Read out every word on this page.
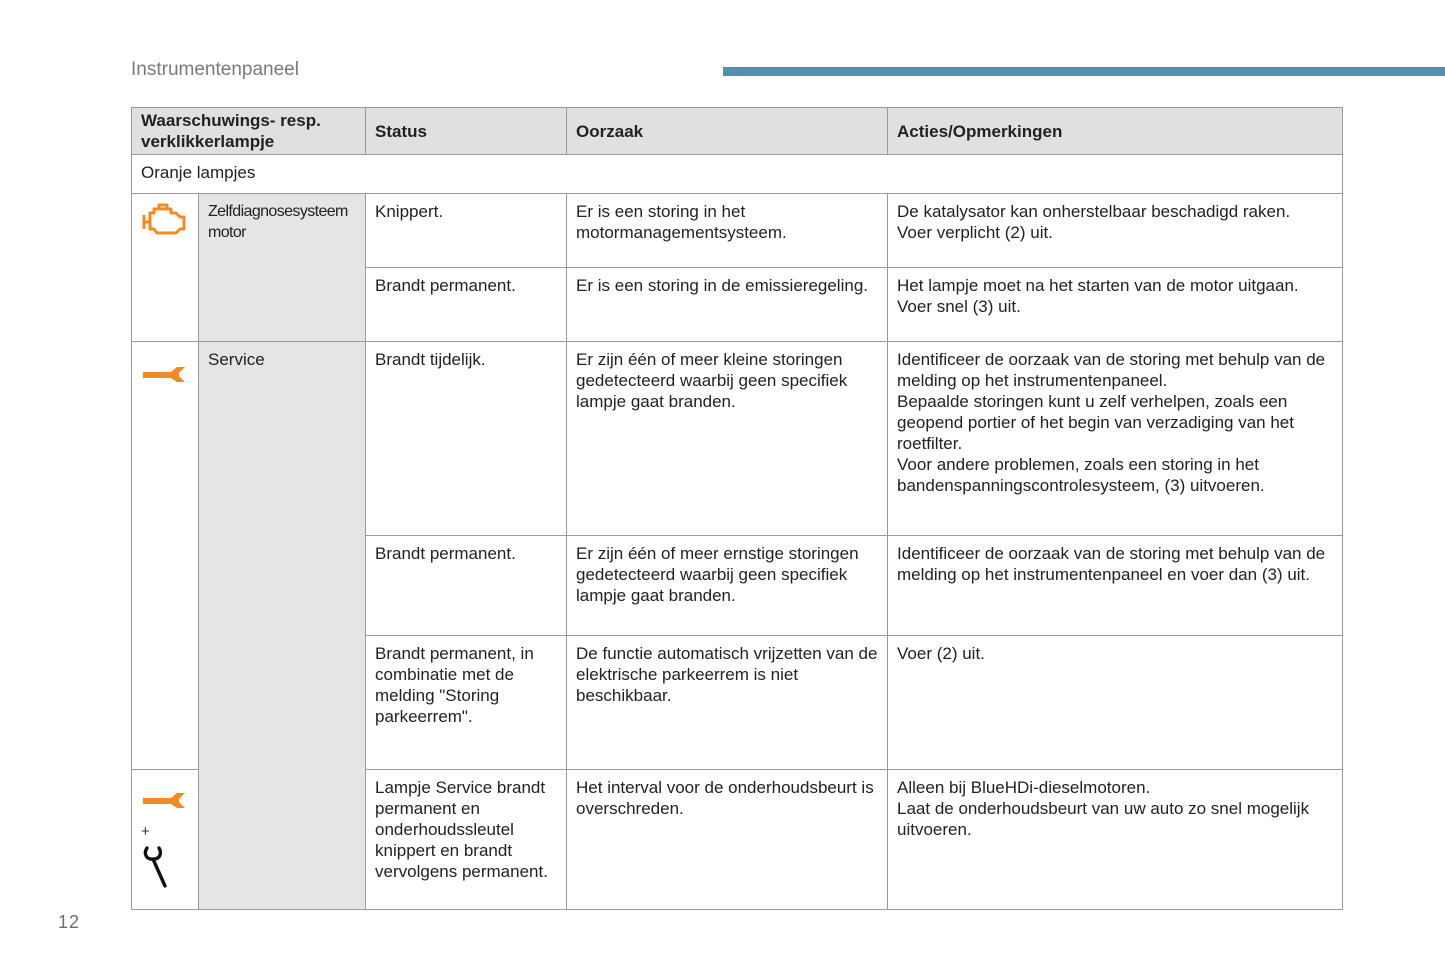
Instrumentenpaneel
Waarschuwings- resp. verklikkerlampje		Status	Oorzaak	Acties/Opmerkingen
Oranje lampjes				
	Zelfdiagnosesysteem motor	Knippert.	Er is een storing in het motormanagementsysteem.	De katalysator kan onherstelbaar beschadigd raken.
Voer verplicht (2) uit.
		Brandt permanent.	Er is een storing in de emissieregeling.	Het lampje moet na het starten van de motor uitgaan.
Voer snel (3) uit.
	Service	Brandt tijdelijk.	Er zijn één of meer kleine storingen gedetecteerd waarbij geen specifiek lampje gaat branden.	Identificeer de oorzaak van de storing met behulp van de melding op het instrumentenpaneel.
Bepaalde storingen kunt u zelf verhelpen, zoals een geopend portier of het begin van verzadiging van het roetfilter.
Voor andere problemen, zoals een storing in het bandenspanningscontrolesysteem, (3) uitvoeren.
		Brandt permanent.	Er zijn één of meer ernstige storingen gedetecteerd waarbij geen specifiek lampje gaat branden.	Identificeer de oorzaak van de storing met behulp van de melding op het instrumentenpaneel en voer dan (3) uit.
		Brandt permanent, in combinatie met de melding "Storing parkeerrem".	De functie automatisch vrijzetten van de elektrische parkeerrem is niet beschikbaar.	Voer (2) uit.

+		Lampje Service brandt permanent en onderhoudssleutel knippert en brandt vervolgens permanent.	Het interval voor de onderhoudsbeurt is overschreden.	Alleen bij BlueHDi-dieselmotoren.
Laat de onderhoudsbeurt van uw auto zo snel mogelijk uitvoeren.
12
